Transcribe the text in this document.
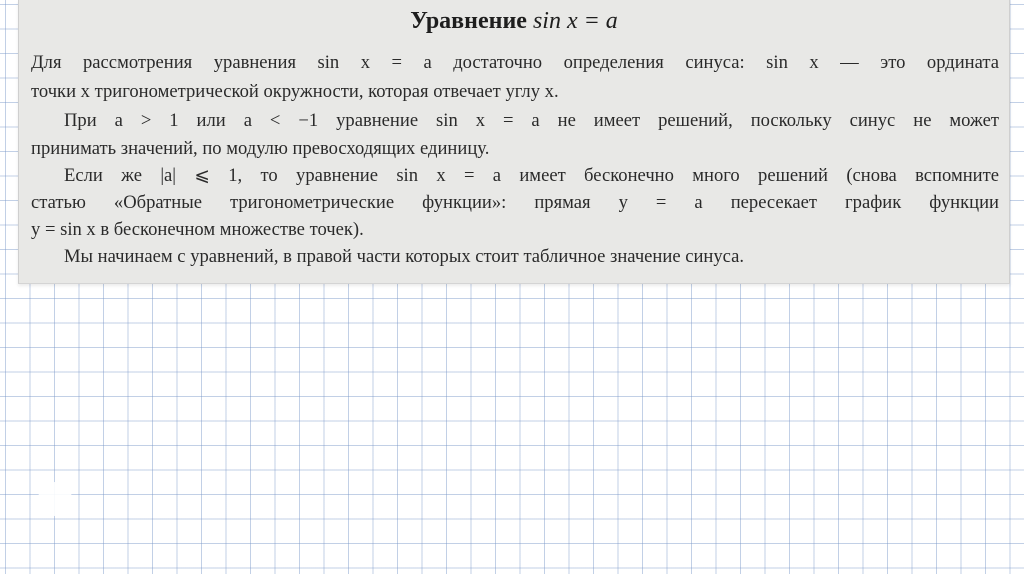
Уравнение sin x = a
Для рассмотрения уравнения sin x = a достаточно определения синуса: sin x — это ордината
точки x тригонометрической окружности, которая отвечает углу x.
При a > 1 или a < −1 уравнение sin x = a не имеет решений, поскольку синус не может
принимать значений, по модулю превосходящих единицу.
Если же |a| ⩽ 1, то уравнение sin x = a имеет бесконечно много решений (снова вспомните
статью «Обратные тригонометрические функции»: прямая y = a пересекает график функции
y = sin x в бесконечном множестве точек).
Мы начинаем с уравнений, в правой части которых стоит табличное значение синуса.
